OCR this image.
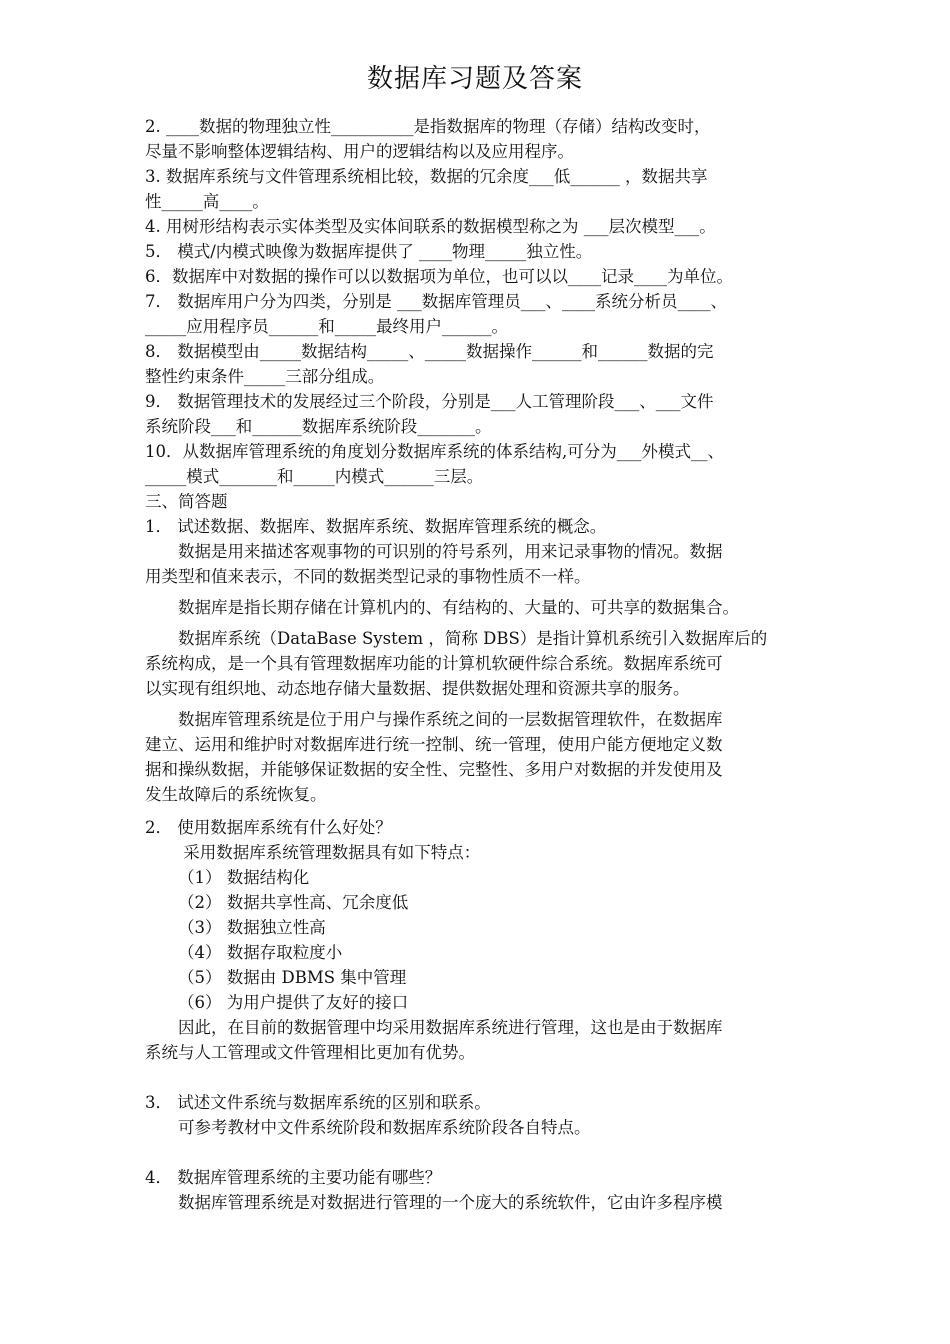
数据库习题及答案
2. ____数据的物理独立性__________是指数据库的物理（存储）结构改变时，
尽量不影响整体逻辑结构、用户的逻辑结构以及应用程序。
3. 数据库系统与文件管理系统相比较，数据的冗余度___低______ ，数据共享
性_____高____。
4. 用树形结构表示实体类型及实体间联系的数据模型称之为 ___层次模型___。
5． 模式/内模式映像为数据库提供了 ____物理_____独立性。
6．数据库中对数据的操作可以以数据项为单位，也可以以____记录____为单位。
7． 数据库用户分为四类，分别是 ___数据库管理员___、____系统分析员____、
_____应用程序员______和_____最终用户______。
8． 数据模型由_____数据结构_____、_____数据操作______和______数据的完
整性约束条件_____三部分组成。
9． 数据管理技术的发展经过三个阶段，分别是___人工管理阶段___、___文件
系统阶段___和______数据库系统阶段_______。
10．从数据库管理系统的角度划分数据库系统的体系结构,可分为___外模式__、
_____模式_______和_____内模式______三层。
三、简答题
1． 试述数据、数据库、数据库系统、数据库管理系统的概念。
数据是用来描述客观事物的可识别的符号系列，用来记录事物的情况。数据
用类型和值来表示，不同的数据类型记录的事物性质不一样。
数据库是指长期存储在计算机内的、有结构的、大量的、可共享的数据集合。
数据库系统（DataBase System ，简称 DBS）是指计算机系统引入数据库后的
系统构成，是一个具有管理数据库功能的计算机软硬件综合系统。数据库系统可
以实现有组织地、动态地存储大量数据、提供数据处理和资源共享的服务。
数据库管理系统是位于用户与操作系统之间的一层数据管理软件，在数据库
建立、运用和维护时对数据库进行统一控制、统一管理，使用户能方便地定义数
据和操纵数据，并能够保证数据的安全性、完整性、多用户对数据的并发使用及
发生故障后的系统恢复。
2． 使用数据库系统有什么好处？
采用数据库系统管理数据具有如下特点：
（1） 数据结构化
（2） 数据共享性高、冗余度低
（3） 数据独立性高
（4） 数据存取粒度小
（5） 数据由 DBMS 集中管理
（6） 为用户提供了友好的接口
因此，在目前的数据管理中均采用数据库系统进行管理，这也是由于数据库
系统与人工管理或文件管理相比更加有优势。
3． 试述文件系统与数据库系统的区别和联系。
可参考教材中文件系统阶段和数据库系统阶段各自特点。
4． 数据库管理系统的主要功能有哪些？
数据库管理系统是对数据进行管理的一个庞大的系统软件，它由许多程序模
